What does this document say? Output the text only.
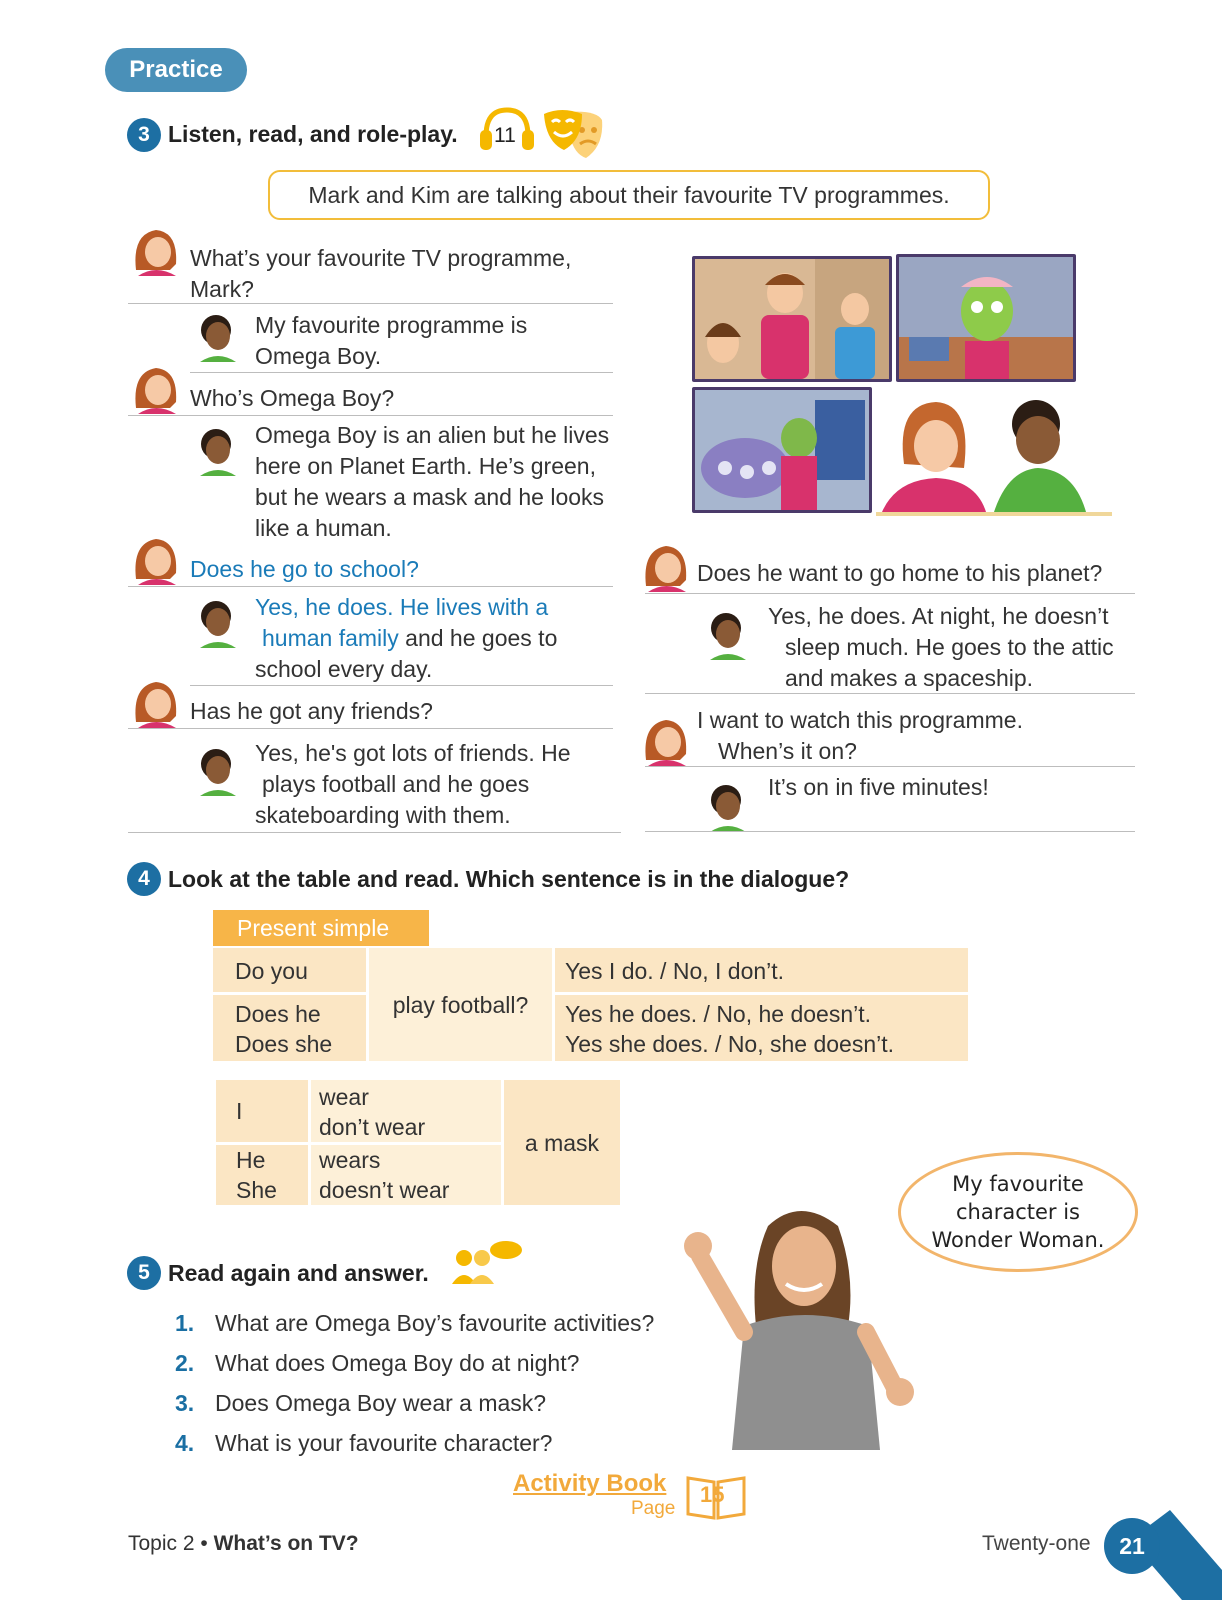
Practice
3 Listen, read, and role-play. 11
Mark and Kim are talking about their favourite TV programmes.
What’s your favourite TV programme,
Mark?
My favourite programme is
Omega Boy.
Who’s Omega Boy?
Omega Boy is an alien but he lives
here on Planet Earth. He’s green,
but he wears a mask and he looks
like a human.
Does he go to school?
Yes, he does. He lives with a
human family and he goes to
school every day.
Has he got any friends?
Yes, he's got lots of friends. He
plays football and he goes
skateboarding with them.
Does he want to go home to his planet?
Yes, he does. At night, he doesn’t
sleep much. He goes to the attic
and makes a spaceship.
I want to watch this programme.
When’s it on?
It’s on in five minutes!
4 Look at the table and read. Which sentence is in the dialogue?
Present simple
Do you
Does he
Does she
play football?
Yes I do. / No, I don’t.
Yes he does. / No, he doesn’t.
Yes she does. / No, she doesn’t.
I
wear
don’t wear
He
She
wears
doesn’t wear
a mask
My favourite
character is
Wonder Woman.
5 Read again and answer.
1. What are Omega Boy’s favourite activities?
2. What does Omega Boy do at night?
3. Does Omega Boy wear a mask?
4. What is your favourite character?
Activity Book
Page
15
Topic 2 • What’s on TV?	Twenty-one	21
